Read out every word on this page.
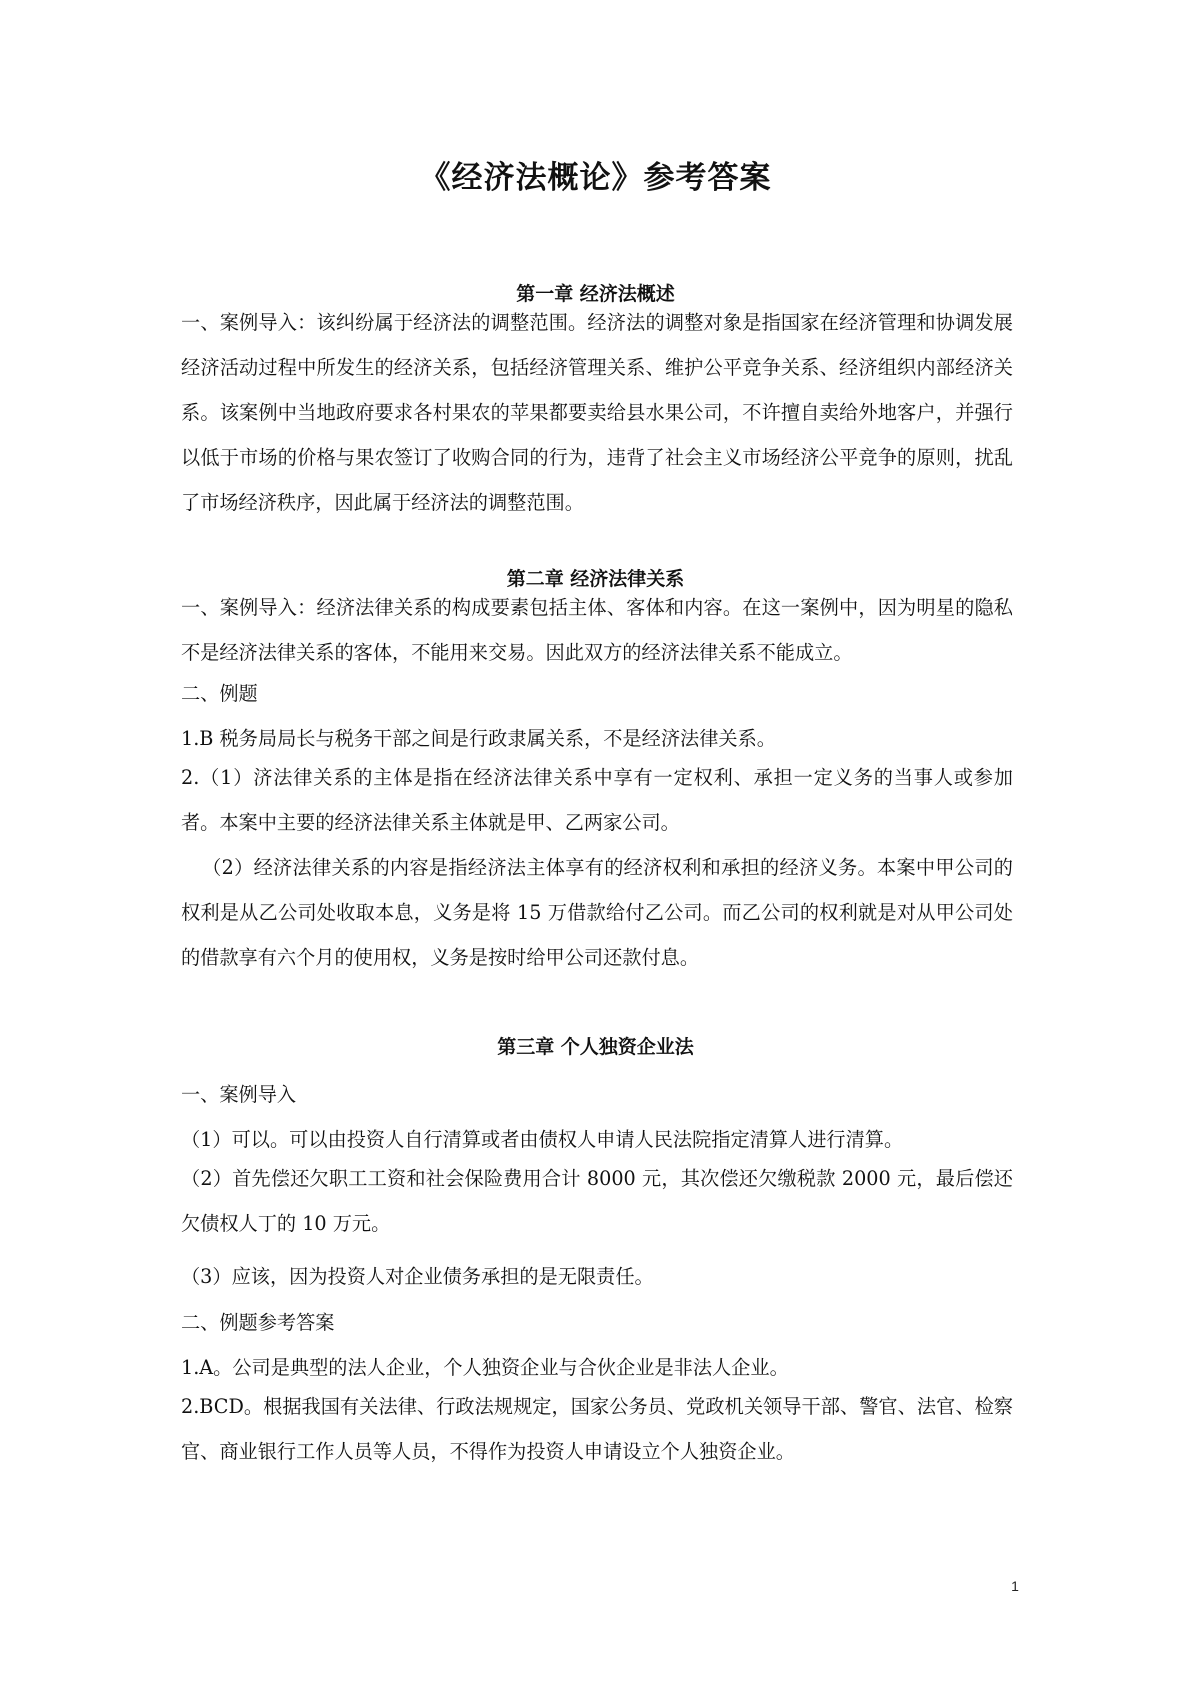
《经济法概论》参考答案
第一章 经济法概述
一、案例导入：该纠纷属于经济法的调整范围。经济法的调整对象是指国家在经济管理和协调发展经济活动过程中所发生的经济关系，包括经济管理关系、维护公平竞争关系、经济组织内部经济关系。该案例中当地政府要求各村果农的苹果都要卖给县水果公司，不许擅自卖给外地客户，并强行以低于市场的价格与果农签订了收购合同的行为，违背了社会主义市场经济公平竞争的原则，扰乱了市场经济秩序，因此属于经济法的调整范围。
第二章 经济法律关系
一、案例导入：经济法律关系的构成要素包括主体、客体和内容。在这一案例中，因为明星的隐私不是经济法律关系的客体，不能用来交易。因此双方的经济法律关系不能成立。
二、例题
1.B 税务局局长与税务干部之间是行政隶属关系，不是经济法律关系。
2.（1）济法律关系的主体是指在经济法律关系中享有一定权利、承担一定义务的当事人或参加者。本案中主要的经济法律关系主体就是甲、乙两家公司。
（2）经济法律关系的内容是指经济法主体享有的经济权利和承担的经济义务。本案中甲公司的权利是从乙公司处收取本息，义务是将 15 万借款给付乙公司。而乙公司的权利就是对从甲公司处的借款享有六个月的使用权，义务是按时给甲公司还款付息。
第三章 个人独资企业法
一、案例导入
（1）可以。可以由投资人自行清算或者由债权人申请人民法院指定清算人进行清算。
（2）首先偿还欠职工工资和社会保险费用合计 8000 元，其次偿还欠缴税款 2000 元，最后偿还欠债权人丁的 10 万元。
（3）应该，因为投资人对企业债务承担的是无限责任。
二、例题参考答案
1.A。公司是典型的法人企业，个人独资企业与合伙企业是非法人企业。
2.BCD。根据我国有关法律、行政法规规定，国家公务员、党政机关领导干部、警官、法官、检察官、商业银行工作人员等人员，不得作为投资人申请设立个人独资企业。
1
